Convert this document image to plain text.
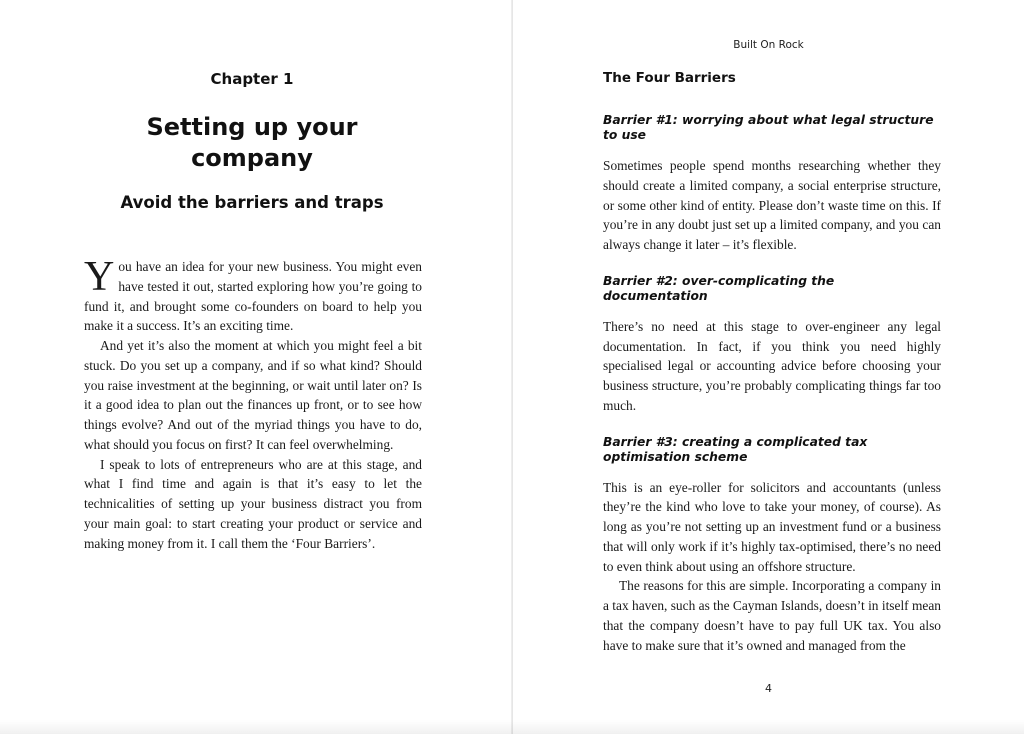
Chapter 1
Setting up your
company
Avoid the barriers and traps

You have an idea for your new business. You might even have tested it out, started exploring how you’re going to fund it, and brought some co-founders on board to help you make it a success. It’s an exciting time.

And yet it’s also the moment at which you might feel a bit stuck. Do you set up a company, and if so what kind? Should you raise investment at the beginning, or wait until later on? Is it a good idea to plan out the finances up front, or to see how things evolve? And out of the myriad things you have to do, what should you focus on first? It can feel overwhelming.

I speak to lots of entrepreneurs who are at this stage, and what I find time and again is that it’s easy to let the technicalities of setting up your business distract you from your main goal: to start creating your product or service and making money from it. I call them the ‘Four Barriers’.

Built On Rock
The Four Barriers
Barrier #1: worrying about what legal structure to use

Sometimes people spend months researching whether they should create a limited company, a social enterprise structure, or some other kind of entity. Please don’t waste time on this. If you’re in any doubt just set up a limited company, and you can always change it later – it’s flexible.

Barrier #2: over-complicating the documentation

There’s no need at this stage to over-engineer any legal documentation. In fact, if you think you need highly specialised legal or accounting advice before choosing your business structure, you’re probably complicating things far too much.

Barrier #3: creating a complicated tax optimisation scheme

This is an eye-roller for solicitors and accountants (unless they’re the kind who love to take your money, of course). As long as you’re not setting up an investment fund or a business that will only work if it’s highly tax-optimised, there’s no need to even think about using an offshore structure.

The reasons for this are simple. Incorporating a company in a tax haven, such as the Cayman Islands, doesn’t in itself mean that the company doesn’t have to pay full UK tax. You also have to make sure that it’s owned and managed from the

4
